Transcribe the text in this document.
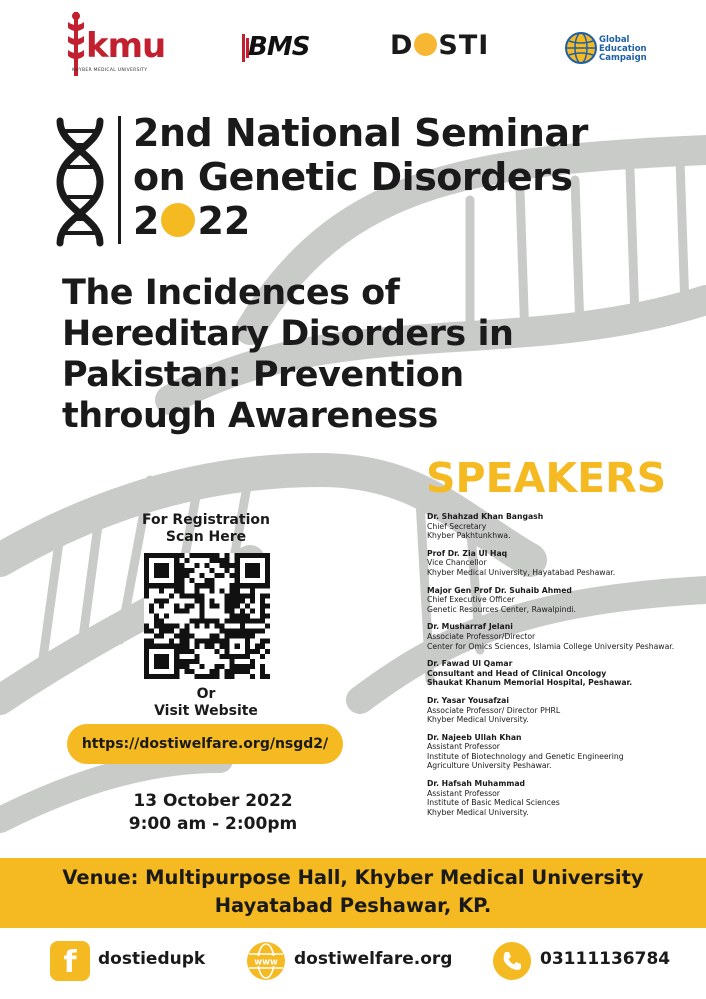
kmu
KHYBER MEDICAL UNIVERSITY
BMS	D STI	Global
Education
Campaign
2nd National Seminar
on Genetic Disorders
2 22
The Incidences of
Hereditary Disorders in
Pakistan: Prevention
through Awareness
SPEAKERS
Dr. Shahzad Khan Bangash
Chief Secretary
Khyber Pakhtunkhwa.
Prof Dr. Zia Ul Haq
Vice Chancellor
Khyber Medical University, Hayatabad Peshawar.
Major Gen Prof Dr. Suhaib Ahmed
Chief Executive Officer
Genetic Resources Center, Rawalpindi.
Dr. Musharraf Jelani
Associate Professor/Director
Center for Omics Sciences, Islamia College University Peshawar.
Dr. Fawad Ul Qamar
Consultant and Head of Clinical Oncology
Shaukat Khanum Memorial Hospital, Peshawar.
Dr. Yasar Yousafzai
Associate Professor/ Director PHRL
Khyber Medical University.
Dr. Najeeb Ullah Khan
Assistant Professor
Institute of Biotechnology and Genetic Engineering
Agriculture University Peshawar.
Dr. Hafsah Muhammad
Assistant Professor
Institute of Basic Medical Sciences
Khyber Medical University.
For Registration
Scan Here
Or
Visit Website
https://dostiwelfare.org/nsgd2/
13 October 2022
9:00 am - 2:00pm
Venue: Multipurpose Hall, Khyber Medical University
Hayatabad Peshawar, KP.
f	dostiedupk	www dostiwelfare.org	03111136784
